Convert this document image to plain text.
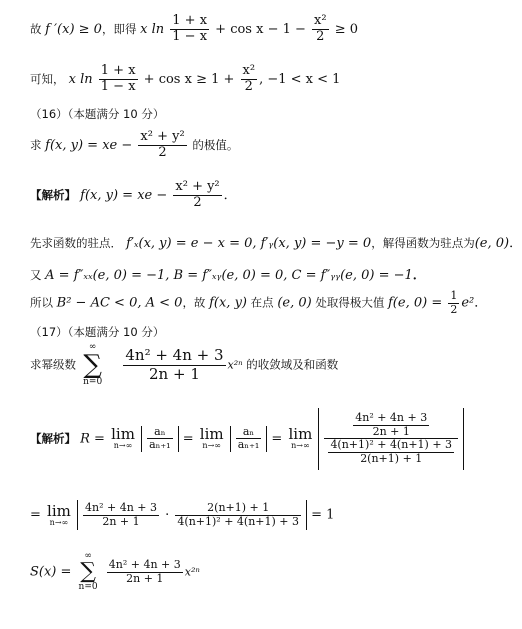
故 f ′(x) ≥ 0，即得 x $\ln \frac{1 + x}{1 - x} + \cos x - 1 - \frac{\text{x²}}{2} \ge 0$
可知， x $\ln \frac{1 + x}{1 - x} + \cos x \ge 1 + \frac{\text{x²}}{2}$ , −1 < x < 1
（16）（本题满分 10 分）
求 f(x, y) = xe − $\frac{\text{x² + y²}}{2}$ 的极值。
【解析】 f(x, y) = xe − $\frac{\text{x² + y²}}{2}$ ．
先求函数的驻点． f′ₓ(x, y) = e − x = 0, f′ᵧ(x, y) = −y = 0，解得函数为驻点为(e, 0)．
又 A = f″ₓₓ(e, 0) = −1, B = f″ₓᵧ(e, 0) = 0, C = f″ᵧᵧ(e, 0) = −1．
所以 B² − AC < 0, A < 0，故 f(x, y) 在点 (e, 0) 处取得极大值 f(e, $0) = \frac{1}{2} e^2$．
（17）（本题满分 10 分）
求幂级数 ∞
∑
$n=0 \frac{\text{4n² + 4n + 3}}{2n + 1} x^{2n}$ 的收敛域及和函数
【解析】 R = lim
n→∞
$\frac{\text{aₙ}}{\text{aₙ₊₁}} = \lim$
n→∞
$\frac{\text{aₙ}}{\text{aₙ₊₁}} = \lim$
n→∞
$\frac{\frac{\text{4n² + 4n + 3}}{2n + 1}}{\frac{\text{4(n+1)² + 4(n+1) + 3}}{2(n+1) + 1}}$
= lim
n→∞
$\frac{\text{4n² + 4n + 3}}{2n + 1} \cdot \frac{2(n+1) + 1}{\text{4(n+1)² + 4(n+1) + 3}} = 1$
S(x) = ∞
∑
n=0
$\frac{\text{4n² + 4n + 3}}{2n + 1} x^{2n}$
